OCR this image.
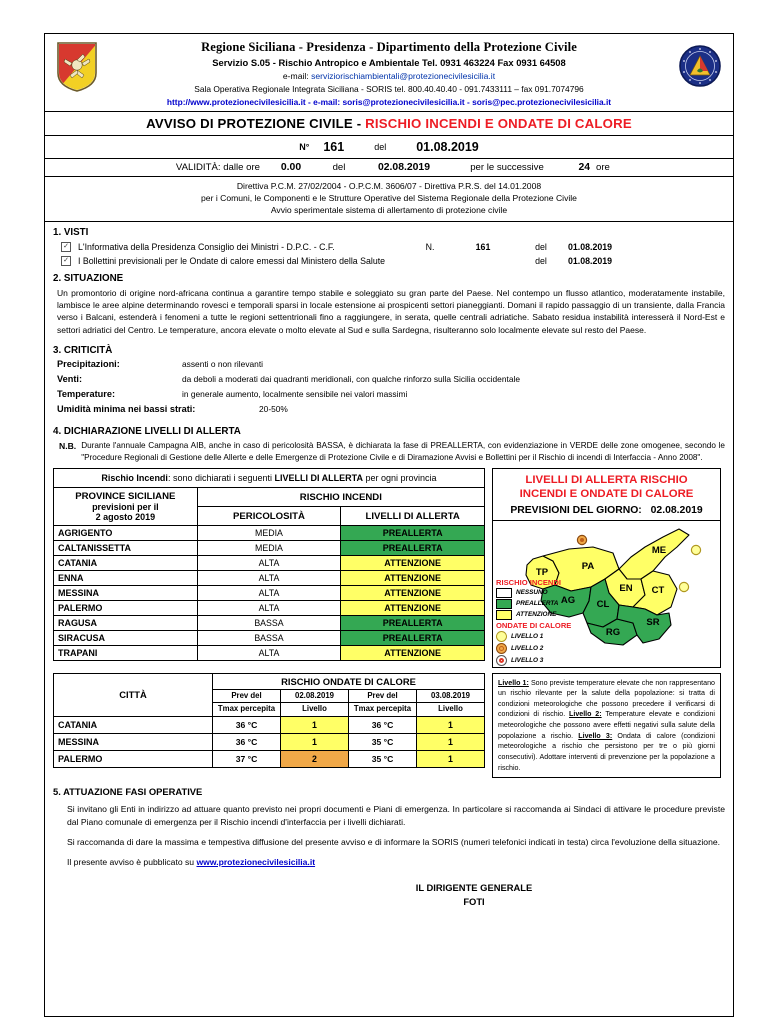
Regione Siciliana - Presidenza - Dipartimento della Protezione Civile
Servizio S.05 - Rischio Antropico e Ambientale Tel. 0931 463224 Fax 0931 64508
e-mail: serviziorischiambientali@protezionecivilesicilia.it
Sala Operativa Regionale Integrata Siciliana - SORIS tel. 800.40.40.40 - 091.7433111 – fax 091.7074796
http://www.protezionecivilesicilia.it - e-mail: soris@protezionecivilesicilia.it - soris@pec.protezionecivilesicilia.it
AVVISO DI PROTEZIONE CIVILE - RISCHIO INCENDI E ONDATE DI CALORE
N° 161	del 01.08.2019
VALIDITÀ: dalle ore	0.00	del	02.08.2019	per le successive	24 ore
Direttiva P.C.M. 27/02/2004 - O.P.C.M. 3606/07 - Direttiva P.R.S. del 14.01.2008
per i Comuni, le Componenti e le Strutture Operative del Sistema Regionale della Protezione Civile
Avvio sperimentale sistema di allertamento di protezione civile
1. VISTI
✓ L'Informativa della Presidenza Consiglio dei Ministri - D.P.C. - C.F.	N.	161	del	01.08.2019
✓ I Bollettini previsionali per le Ondate di calore emessi dal Ministero della Salute	del	01.08.2019
2. SITUAZIONE
Un promontorio di origine nord-africana continua a garantire tempo stabile e soleggiato su gran parte del Paese. Nel contempo un flusso atlantico, moderatamente instabile, lambisce le aree alpine determinando rovesci e temporali sparsi in locale estensione ai prospicenti settori pianeggianti. Domani il rapido passaggio di un transiente, dalla Francia verso i Balcani, estenderà i fenomeni a tutte le regioni settentrionali fino a raggiungere, in serata, quelle centrali adriatiche. Sabato residua instabilità interesserà il Nord-Est e settori adriatici del Centro. Le temperature, ancora elevate o molto elevate al Sud e sulla Sardegna, risulteranno solo localmente elevate sul resto del Paese.
3. CRITICITÀ
Precipitazioni:	assenti o non rilevanti
Venti:	da deboli a moderati dai quadranti meridionali, con qualche rinforzo sulla Sicilia occidentale
Temperature:	in generale aumento, localmente sensibile nei valori massimi
Umidità minima nei bassi strati:	20-50%
4. DICHIARAZIONE LIVELLI DI ALLERTA
N.B. Durante l'annuale Campagna AIB, anche in caso di pericolosità BASSA, è dichiarata la fase di PREALLERTA, con evidenziazione in VERDE delle zone omogenee, secondo le "Procedure Regionali di Gestione delle Allerte e delle Emergenze di Protezione Civile e di Diramazione Avvisi e Bollettini per il Rischio di incendi di Interfaccia - Anno 2008".
Rischio Incendi: sono dichiarati i seguenti LIVELLI DI ALLERTA per ogni provincia		

PROVINCE SICILIANE
previsioni per il
2 agosto 2019	RISCHIO INCENDI	
	PERICOLOSITÀ	LIVELLI DI ALLERTA
AGRIGENTO	MEDIA	PREALLERTA
CALTANISSETTA	MEDIA	PREALLERTA
CATANIA	ALTA	ATTENZIONE
ENNA	ALTA	ATTENZIONE
MESSINA	ALTA	ATTENZIONE
PALERMO	ALTA	ATTENZIONE
RAGUSA	BASSA	PREALLERTA
SIRACUSA	BASSA	PREALLERTA
TRAPANI	ALTA	ATTENZIONE
LIVELLI DI ALLERTA RISCHIO
INCENDI E ONDATE DI CALORE
PREVISIONI DEL GIORNO: 02.08.2019
TP
PA
ME
EN CT
AG CL
RG
SR
RISCHIO INCENDI
NESSUNO
PREALLERTA
ATTENZIONE
ONDATE DI CALORE
LIVELLO 1
LIVELLO 2
LIVELLO 3
CITTÀ	RISCHIO ONDATE DI CALORE			
	Prev del	02.08.2019	Prev del	03.08.2019
	Tmax percepita	Livello	Tmax percepita	Livello
CATANIA	36 °C	1	36 °C	1
MESSINA	36 °C	1	35 °C	1
PALERMO	37 °C	2	35 °C	1
Livello 1: Sono previste temperature elevate che non rappresentano un rischio rilevante per la salute della popolazione: si tratta di condizioni meteorologiche che possono precedere il verificarsi di condizioni di rischio. Livello 2: Temperature elevate e condizioni meteorologiche che possono avere effetti negativi sulla salute della popolazione a rischio. Livello 3: Ondata di calore (condizioni meteorologiche a rischio che persistono per tre o più giorni consecutivi). Adottare interventi di prevenzione per la popolazione a rischio.
5. ATTUAZIONE FASI OPERATIVE
Si invitano gli Enti in indirizzo ad attuare quanto previsto nei propri documenti e Piani di emergenza. In particolare si raccomanda ai Sindaci di attivare le procedure previste dal Piano comunale di emergenza per il Rischio incendi d'interfaccia per i livelli dichiarati.
Si raccomanda di dare la massima e tempestiva diffusione del presente avviso e di informare la SORIS (numeri telefonici indicati in testa) circa l'evoluzione della situazione.
Il presente avviso è pubblicato su www.protezionecivilesicilia.it
IL DIRIGENTE GENERALE
FOTI
